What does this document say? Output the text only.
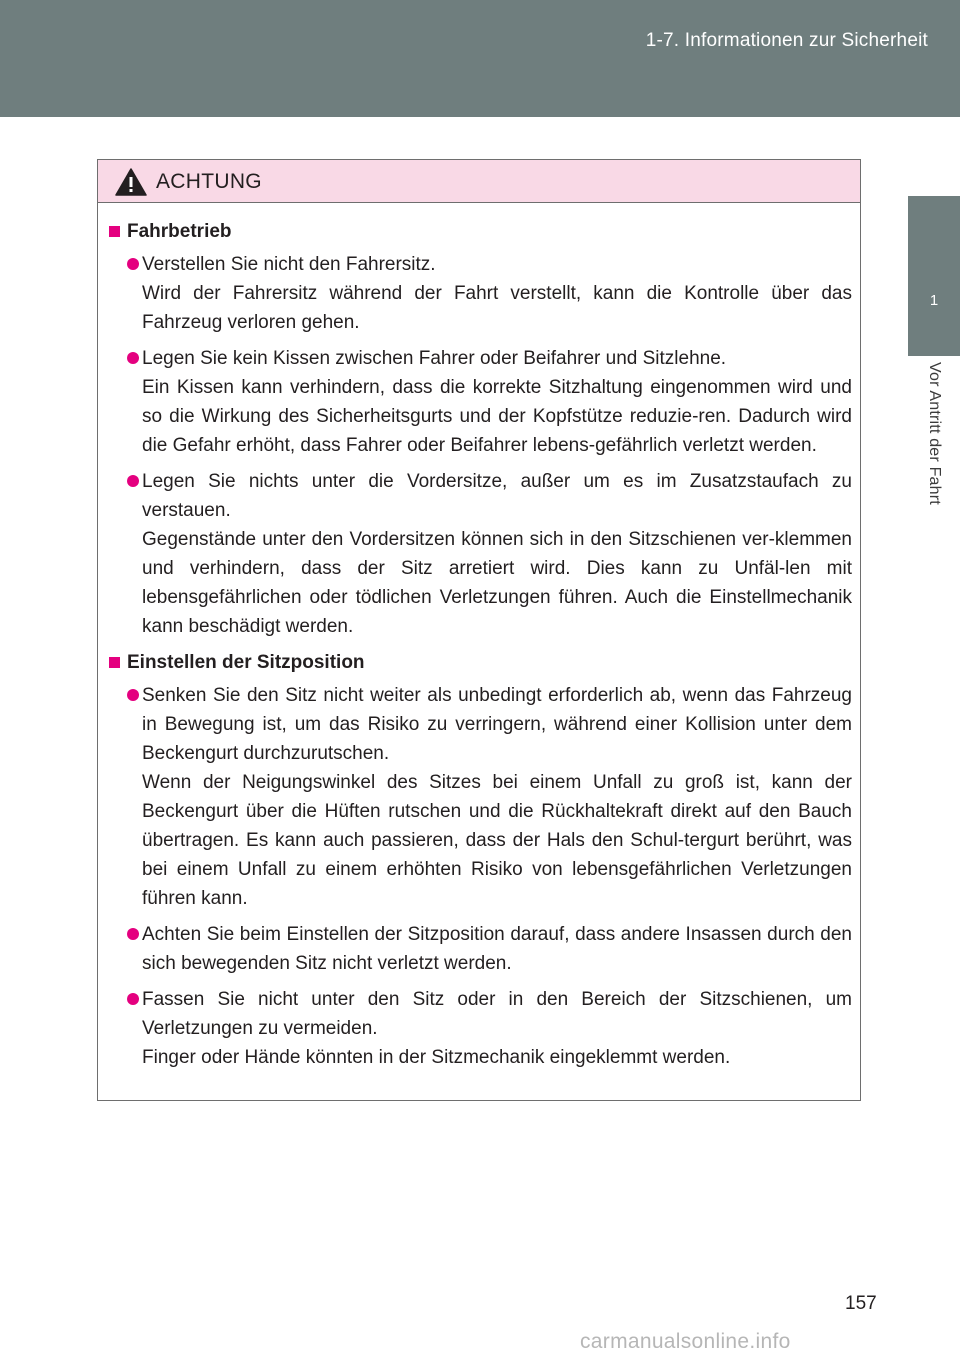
1-7. Informationen zur Sicherheit
1
Vor Antritt der Fahrt
ACHTUNG
Fahrbetrieb

Verstellen Sie nicht den Fahrersitz.

Wird der Fahrersitz während der Fahrt verstellt, kann die Kontrolle über das Fahrzeug verloren gehen.

Legen Sie kein Kissen zwischen Fahrer oder Beifahrer und Sitzlehne.

Ein Kissen kann verhindern, dass die korrekte Sitzhaltung eingenommen wird und so die Wirkung des Sicherheitsgurts und der Kopfstütze reduzie-ren. Dadurch wird die Gefahr erhöht, dass Fahrer oder Beifahrer lebens-gefährlich verletzt werden.

Legen Sie nichts unter die Vordersitze, außer um es im Zusatzstaufach zu verstauen.

Gegenstände unter den Vordersitzen können sich in den Sitzschienen ver-klemmen und verhindern, dass der Sitz arretiert wird. Dies kann zu Unfäl-len mit lebensgefährlichen oder tödlichen Verletzungen führen. Auch die Einstellmechanik kann beschädigt werden.

Einstellen der Sitzposition

Senken Sie den Sitz nicht weiter als unbedingt erforderlich ab, wenn das Fahrzeug in Bewegung ist, um das Risiko zu verringern, während einer Kollision unter dem Beckengurt durchzurutschen.

Wenn der Neigungswinkel des Sitzes bei einem Unfall zu groß ist, kann der Beckengurt über die Hüften rutschen und die Rückhaltekraft direkt auf den Bauch übertragen. Es kann auch passieren, dass der Hals den Schul-tergurt berührt, was bei einem Unfall zu einem erhöhten Risiko von lebensgefährlichen Verletzungen führen kann.

Achten Sie beim Einstellen der Sitzposition darauf, dass andere Insassen durch den sich bewegenden Sitz nicht verletzt werden.

Fassen Sie nicht unter den Sitz oder in den Bereich der Sitzschienen, um Verletzungen zu vermeiden.

Finger oder Hände könnten in der Sitzmechanik eingeklemmt werden.

157
carmanualsonline.info
